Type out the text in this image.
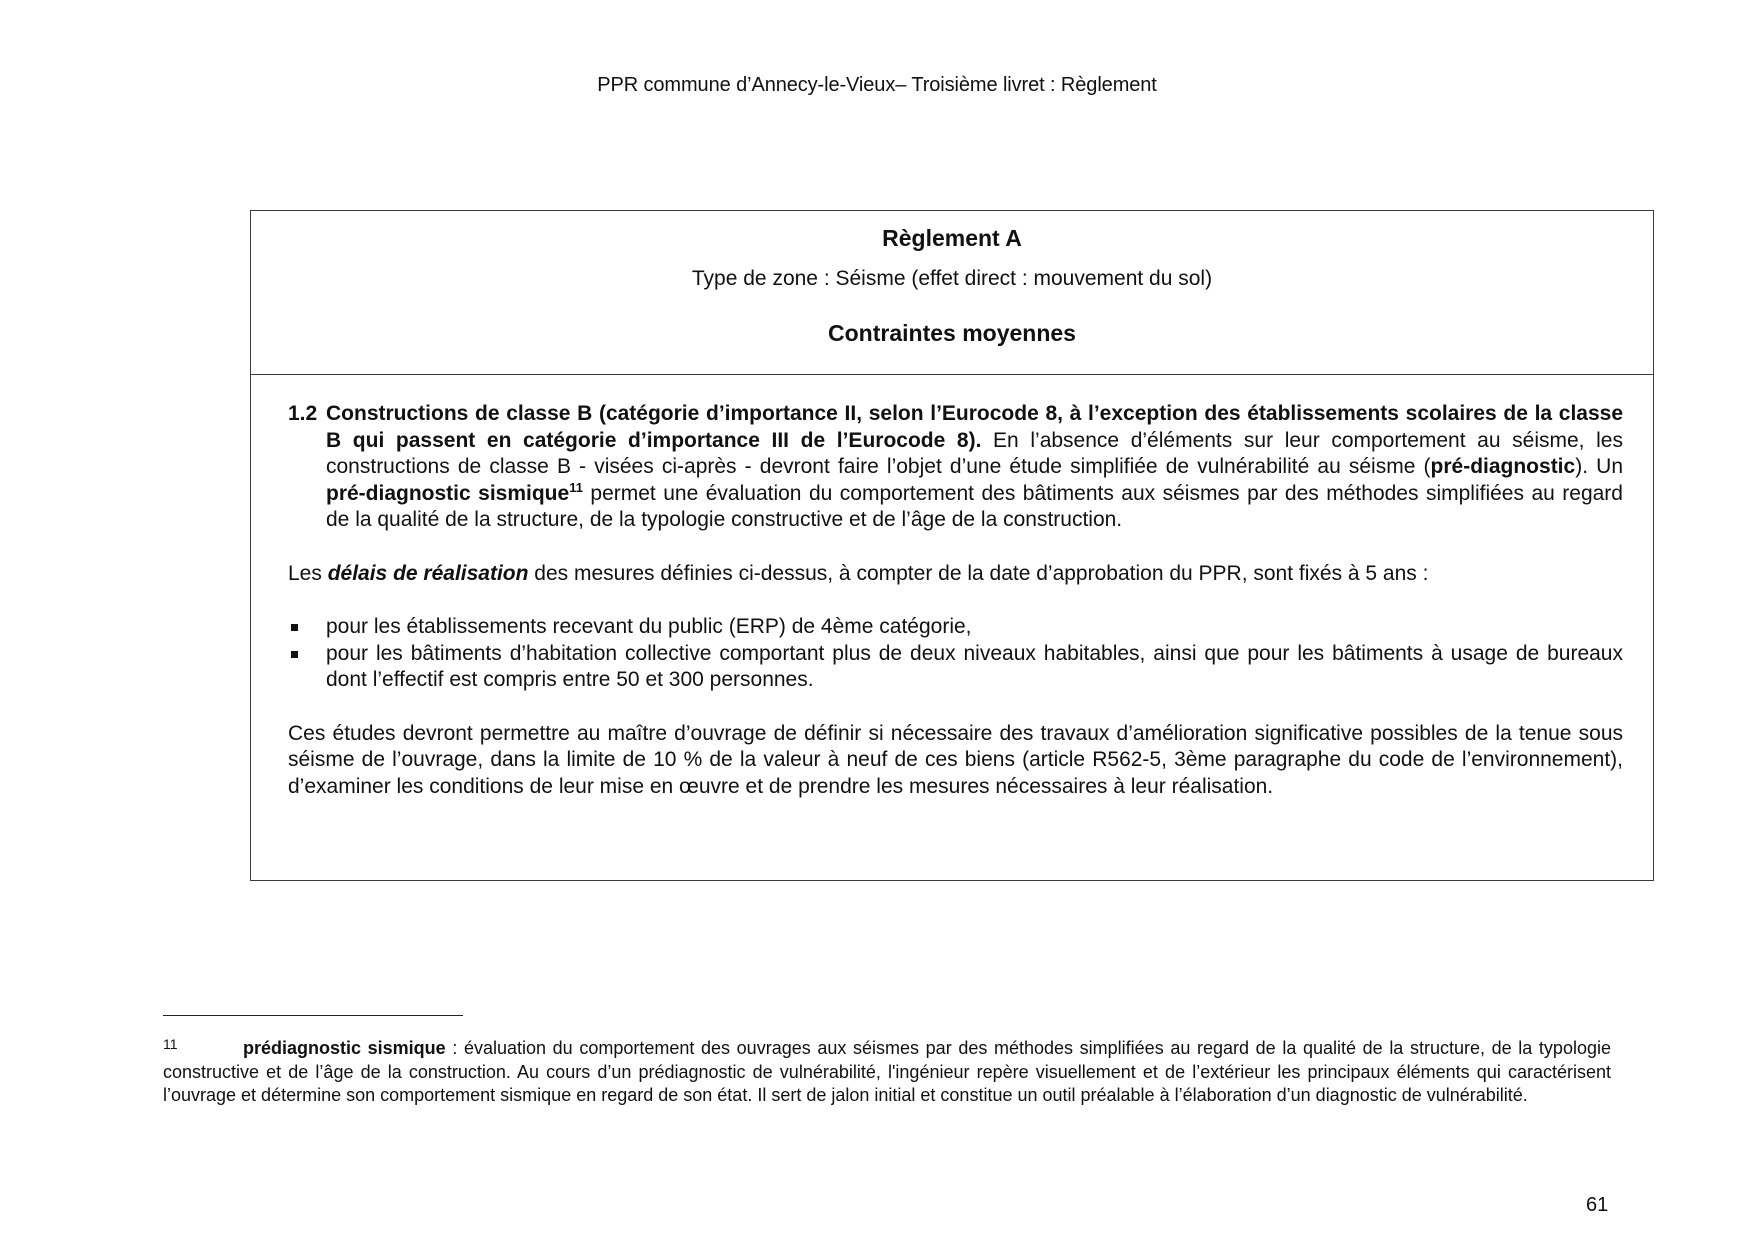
PPR commune d’Annecy-le-Vieux– Troisième livret : Règlement
Règlement A
Type de zone : Séisme (effet direct : mouvement du sol)
Contraintes moyennes
1.2 Constructions de classe B (catégorie d’importance II, selon l’Eurocode 8, à l’exception des établissements scolaires de la classe B qui passent en catégorie d’importance III de l’Eurocode 8). En l’absence d’éléments sur leur comportement au séisme, les constructions de classe B - visées ci-après - devront faire l’objet d’une étude simplifiée de vulnérabilité au séisme (pré-diagnostic). Un pré-diagnostic sismique$^{11}$ permet une évaluation du comportement des bâtiments aux séismes par des méthodes simplifiées au regard de la qualité de la structure, de la typologie constructive et de l’âge de la construction.
Les délais de réalisation des mesures définies ci-dessus, à compter de la date d’approbation du PPR, sont fixés à 5 ans :
pour les établissements recevant du public (ERP) de 4ème catégorie,
pour les bâtiments d’habitation collective comportant plus de deux niveaux habitables, ainsi que pour les bâtiments à usage de bureaux dont l’effectif est compris entre 50 et 300 personnes.
Ces études devront permettre au maître d’ouvrage de définir si nécessaire des travaux d’amélioration significative possibles de la tenue sous séisme de l’ouvrage, dans la limite de 10 % de la valeur à neuf de ces biens (article R562-5, 3ème paragraphe du code de l’environnement), d’examiner les conditions de leur mise en œuvre et de prendre les mesures nécessaires à leur réalisation.
11	prédiagnostic sismique : évaluation du comportement des ouvrages aux séismes par des méthodes simplifiées au regard de la qualité de la structure, de la typologie constructive et de l’âge de la construction. Au cours d’un prédiagnostic de vulnérabilité, l'ingénieur repère visuellement et de l’extérieur les principaux éléments qui caractérisent l’ouvrage et détermine son comportement sismique en regard de son état. Il sert de jalon initial et constitue un outil préalable à l’élaboration d’un diagnostic de vulnérabilité.
61
